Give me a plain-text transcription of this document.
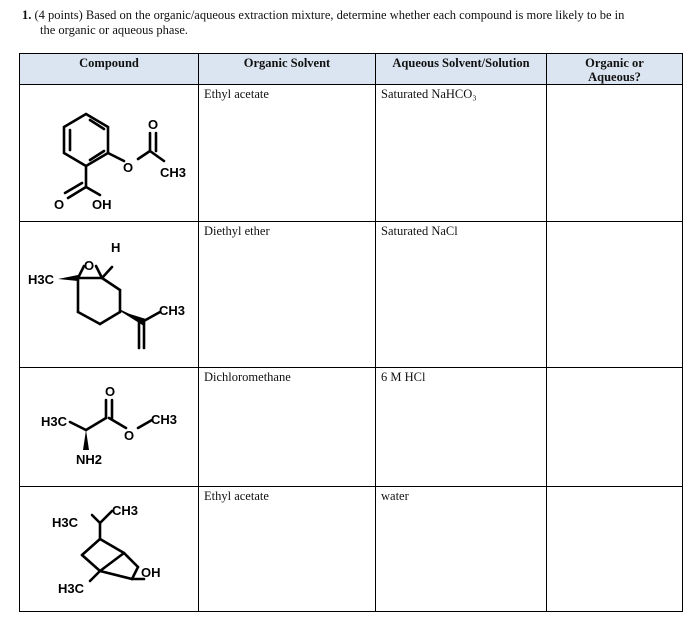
1. (4 points) Based on the organic/aqueous extraction mixture, determine whether each compound is more likely to be in
the organic or aqueous phase.
Compound	Organic Solvent	Aqueous Solvent/Solution	Organic or
Aqueous?

O
O
CH3
O OH	Ethyl acetate	Saturated NaHCO₃	

O
H
H3C
CH3	Diethyl ether	Saturated NaCl	

H3C
O
O
CH3
NH2	Dichloromethane	6 M HCl	

H3C
CH3
OH
H3C	Ethyl acetate	water	
